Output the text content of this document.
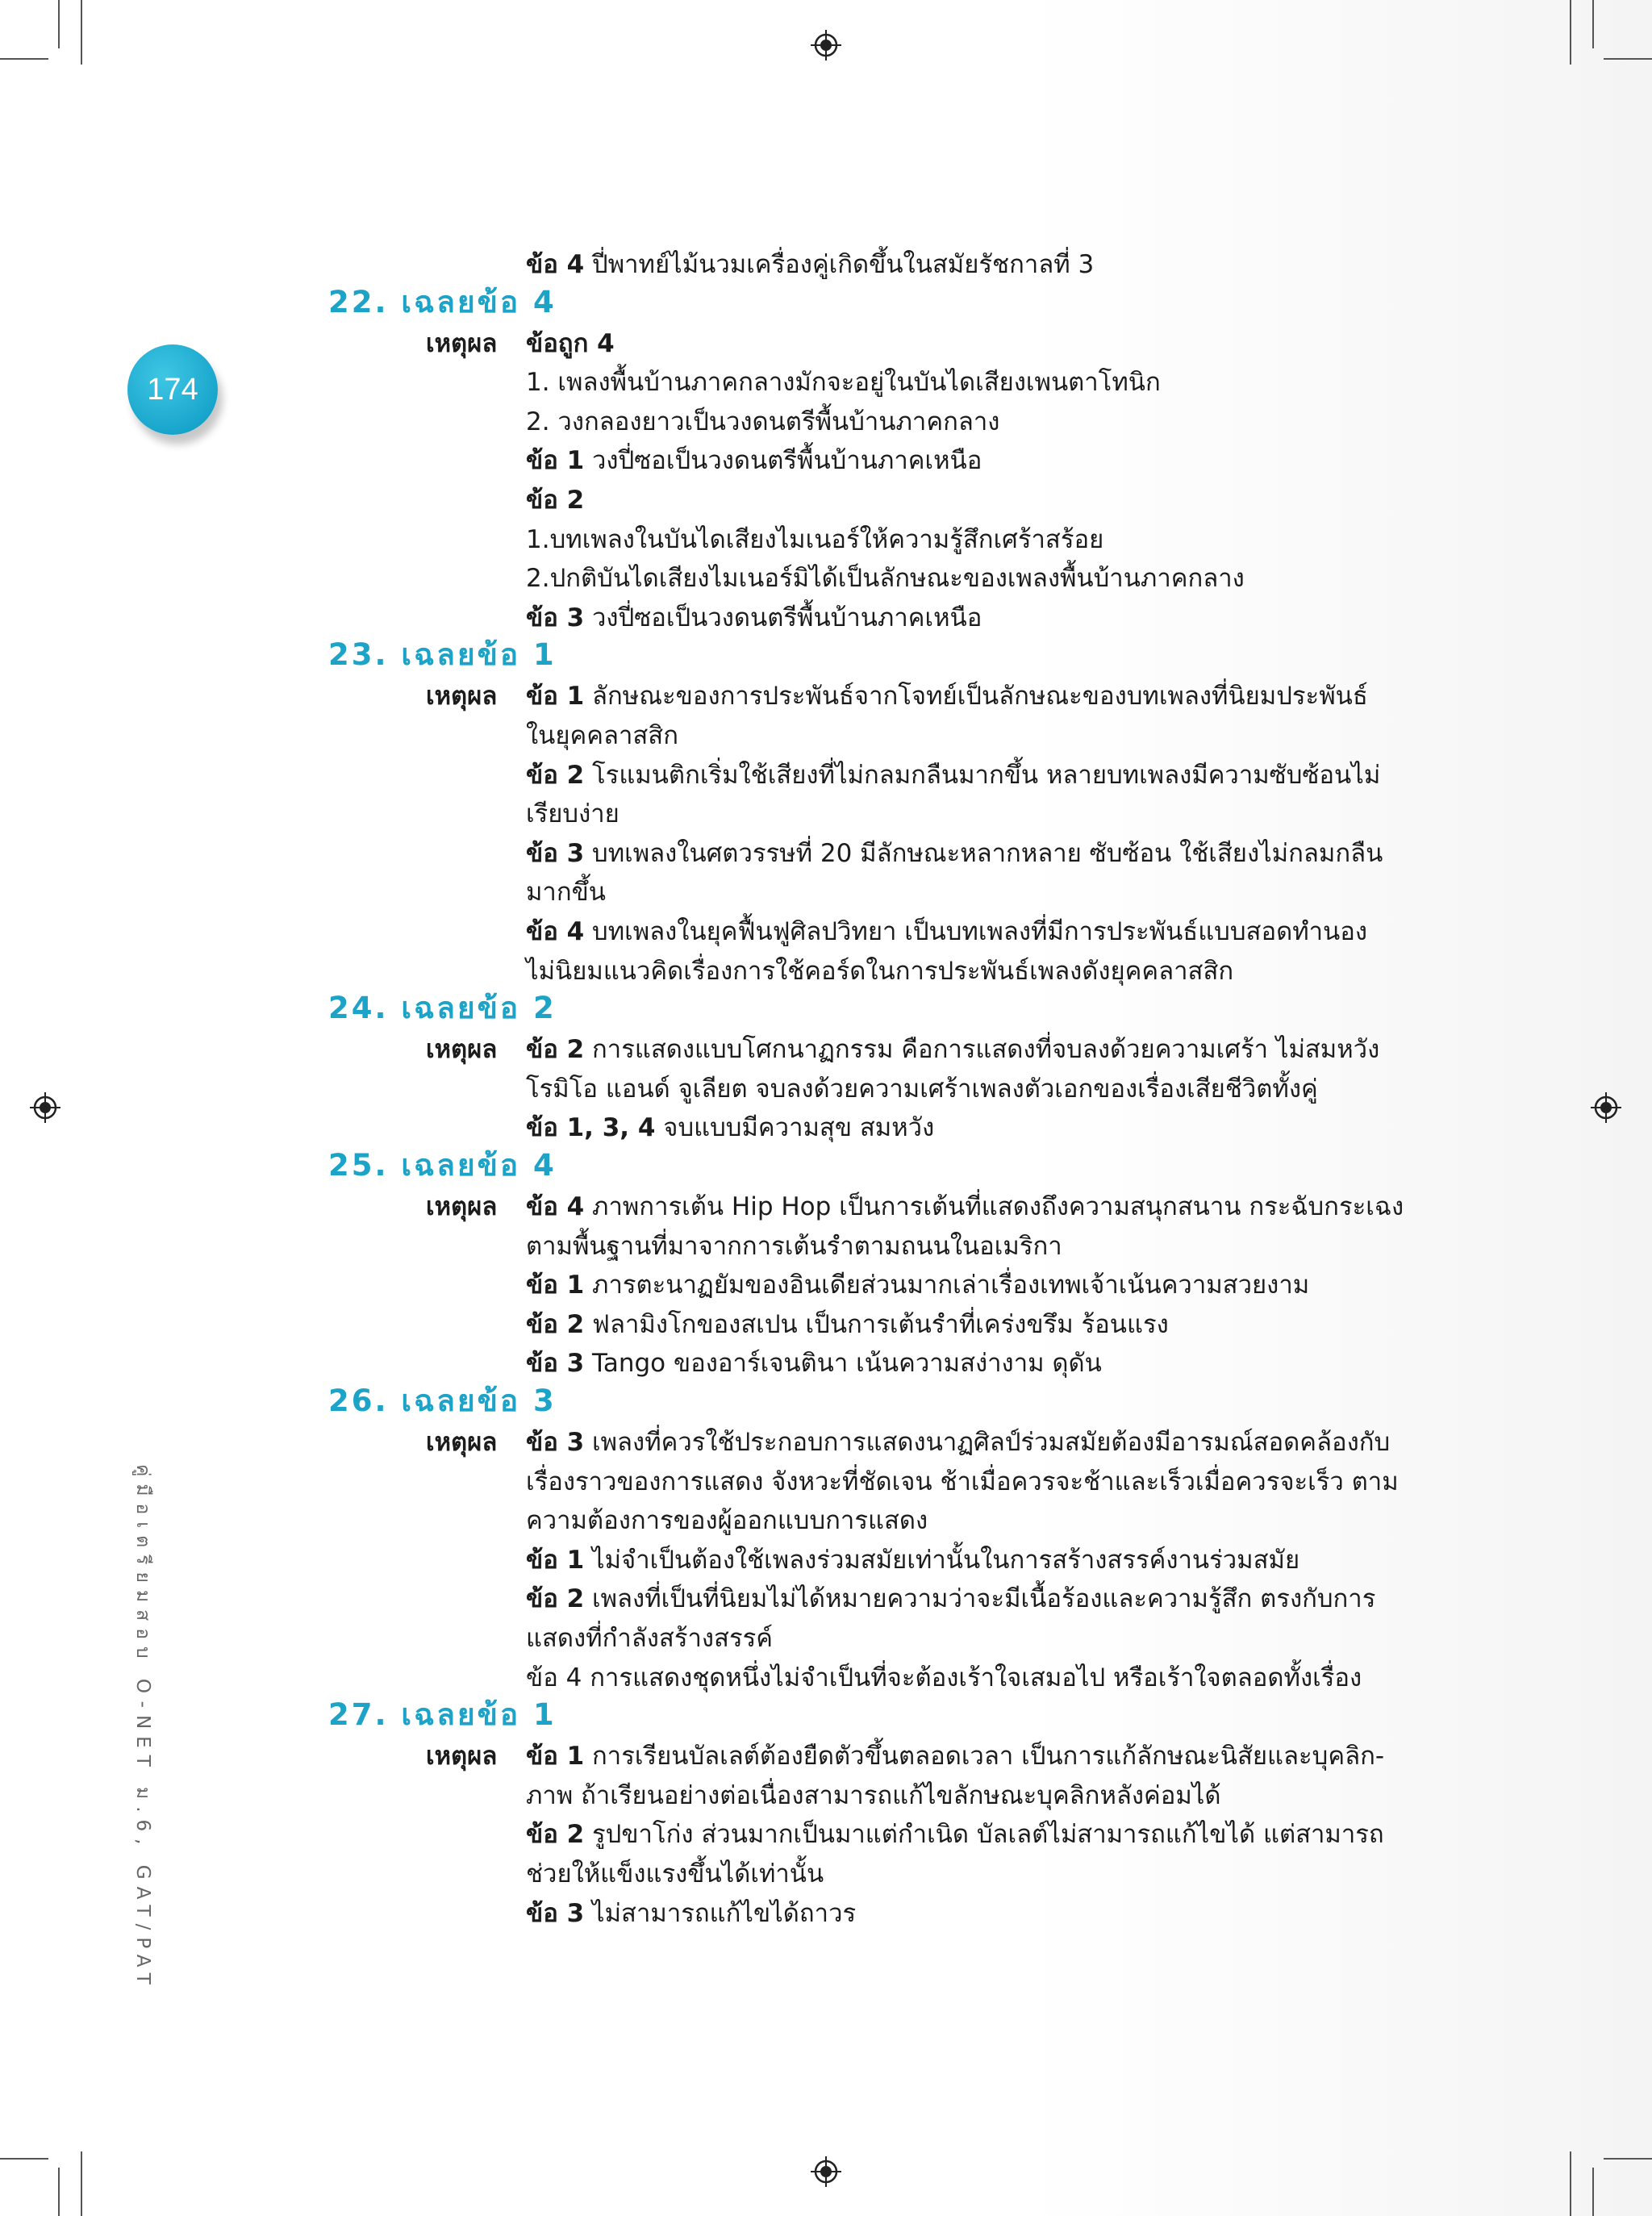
174
คู่มือเตรียมสอบ O-NET ม.6, GAT/PAT
ข้อ 4 ปี่พาทย์ไม้นวมเครื่องคู่เกิดขึ้นในสมัยรัชกาลที่ 3
22. เฉลยข้อ 4
เหตุผล ข้อถูก 4
1. เพลงพื้นบ้านภาคกลางมักจะอยู่ในบันไดเสียงเพนตาโทนิก
2. วงกลองยาวเป็นวงดนตรีพื้นบ้านภาคกลาง
ข้อ 1 วงปี่ซอเป็นวงดนตรีพื้นบ้านภาคเหนือ
ข้อ 2
1.บทเพลงในบันไดเสียงไมเนอร์ให้ความรู้สึกเศร้าสร้อย
2.ปกติบันไดเสียงไมเนอร์มิได้เป็นลักษณะของเพลงพื้นบ้านภาคกลาง
ข้อ 3 วงปี่ซอเป็นวงดนตรีพื้นบ้านภาคเหนือ
23. เฉลยข้อ 1
เหตุผล ข้อ 1 ลักษณะของการประพันธ์จากโจทย์เป็นลักษณะของบทเพลงที่นิยมประพันธ์
ในยุคคลาสสิก
ข้อ 2 โรแมนติกเริ่มใช้เสียงที่ไม่กลมกลืนมากขึ้น หลายบทเพลงมีความซับซ้อนไม่
เรียบง่าย
ข้อ 3 บทเพลงในศตวรรษที่ 20 มีลักษณะหลากหลาย ซับซ้อน ใช้เสียงไม่กลมกลืน
มากขึ้น
ข้อ 4 บทเพลงในยุคฟื้นฟูศิลปวิทยา เป็นบทเพลงที่มีการประพันธ์แบบสอดทำนอง
ไม่นิยมแนวคิดเรื่องการใช้คอร์ดในการประพันธ์เพลงดังยุคคลาสสิก
24. เฉลยข้อ 2
เหตุผล ข้อ 2 การแสดงแบบโศกนาฏกรรม คือการแสดงที่จบลงด้วยความเศร้า ไม่สมหวัง
โรมิโอ แอนด์ จูเลียต จบลงด้วยความเศร้าเพลงตัวเอกของเรื่องเสียชีวิตทั้งคู่
ข้อ 1, 3, 4 จบแบบมีความสุข สมหวัง
25. เฉลยข้อ 4
เหตุผล ข้อ 4 ภาพการเต้น Hip Hop เป็นการเต้นที่แสดงถึงความสนุกสนาน กระฉับกระเฉง
ตามพื้นฐานที่มาจากการเต้นรำตามถนนในอเมริกา
ข้อ 1 ภารตะนาฏยัมของอินเดียส่วนมากเล่าเรื่องเทพเจ้าเน้นความสวยงาม
ข้อ 2 ฟลามิงโกของสเปน เป็นการเต้นรำที่เคร่งขรึม ร้อนแรง
ข้อ 3 Tango ของอาร์เจนตินา เน้นความสง่างาม ดุดัน
26. เฉลยข้อ 3
เหตุผล ข้อ 3 เพลงที่ควรใช้ประกอบการแสดงนาฏศิลป์ร่วมสมัยต้องมีอารมณ์สอดคล้องกับ
เรื่องราวของการแสดง จังหวะที่ชัดเจน ช้าเมื่อควรจะช้าและเร็วเมื่อควรจะเร็ว ตาม
ความต้องการของผู้ออกแบบการแสดง
ข้อ 1 ไม่จำเป็นต้องใช้เพลงร่วมสมัยเท่านั้นในการสร้างสรรค์งานร่วมสมัย
ข้อ 2 เพลงที่เป็นที่นิยมไม่ได้หมายความว่าจะมีเนื้อร้องและความรู้สึก ตรงกับการ
แสดงที่กำลังสร้างสรรค์
ข้อ 4 การแสดงชุดหนึ่งไม่จำเป็นที่จะต้องเร้าใจเสมอไป หรือเร้าใจตลอดทั้งเรื่อง
27. เฉลยข้อ 1
เหตุผล ข้อ 1 การเรียนบัลเลต์ต้องยืดตัวขึ้นตลอดเวลา เป็นการแก้ลักษณะนิสัยและบุคลิก-
ภาพ ถ้าเรียนอย่างต่อเนื่องสามารถแก้ไขลักษณะบุคลิกหลังค่อมได้
ข้อ 2 รูปขาโก่ง ส่วนมากเป็นมาแต่กำเนิด บัลเลต์ไม่สามารถแก้ไขได้ แต่สามารถ
ช่วยให้แข็งแรงขึ้นได้เท่านั้น
ข้อ 3 ไม่สามารถแก้ไขได้ถาวร
